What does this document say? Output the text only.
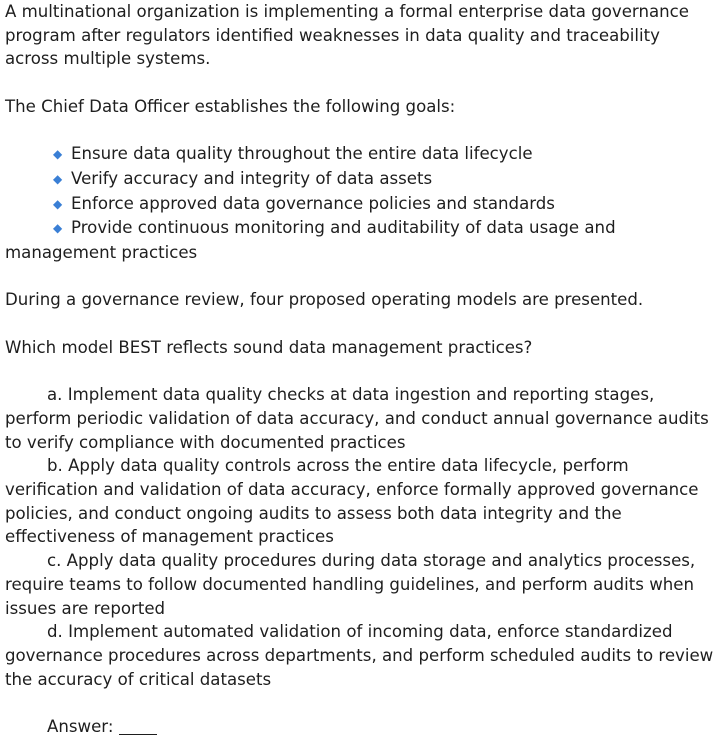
A multinational organization is implementing a formal enterprise data governance program after regulators identified weaknesses in data quality and traceability across multiple systems.

The Chief Data Officer establishes the following goals:

◆ Ensure data quality throughout the entire data lifecycle

◆ Verify accuracy and integrity of data assets

◆ Enforce approved data governance policies and standards

◆ Provide continuous monitoring and auditability of data usage and management practices

During a governance review, four proposed operating models are presented.

Which model BEST reflects sound data management practices?

a. Implement data quality checks at data ingestion and reporting stages, perform periodic validation of data accuracy, and conduct annual governance audits to verify compliance with documented practices

b. Apply data quality controls across the entire data lifecycle, perform verification and validation of data accuracy, enforce formally approved governance policies, and conduct ongoing audits to assess both data integrity and the effectiveness of management practices

c. Apply data quality procedures during data storage and analytics processes, require teams to follow documented handling guidelines, and perform audits when issues are reported

d. Implement automated validation of incoming data, enforce standardized governance procedures across departments, and perform scheduled audits to review the accuracy of critical datasets

Answer:
